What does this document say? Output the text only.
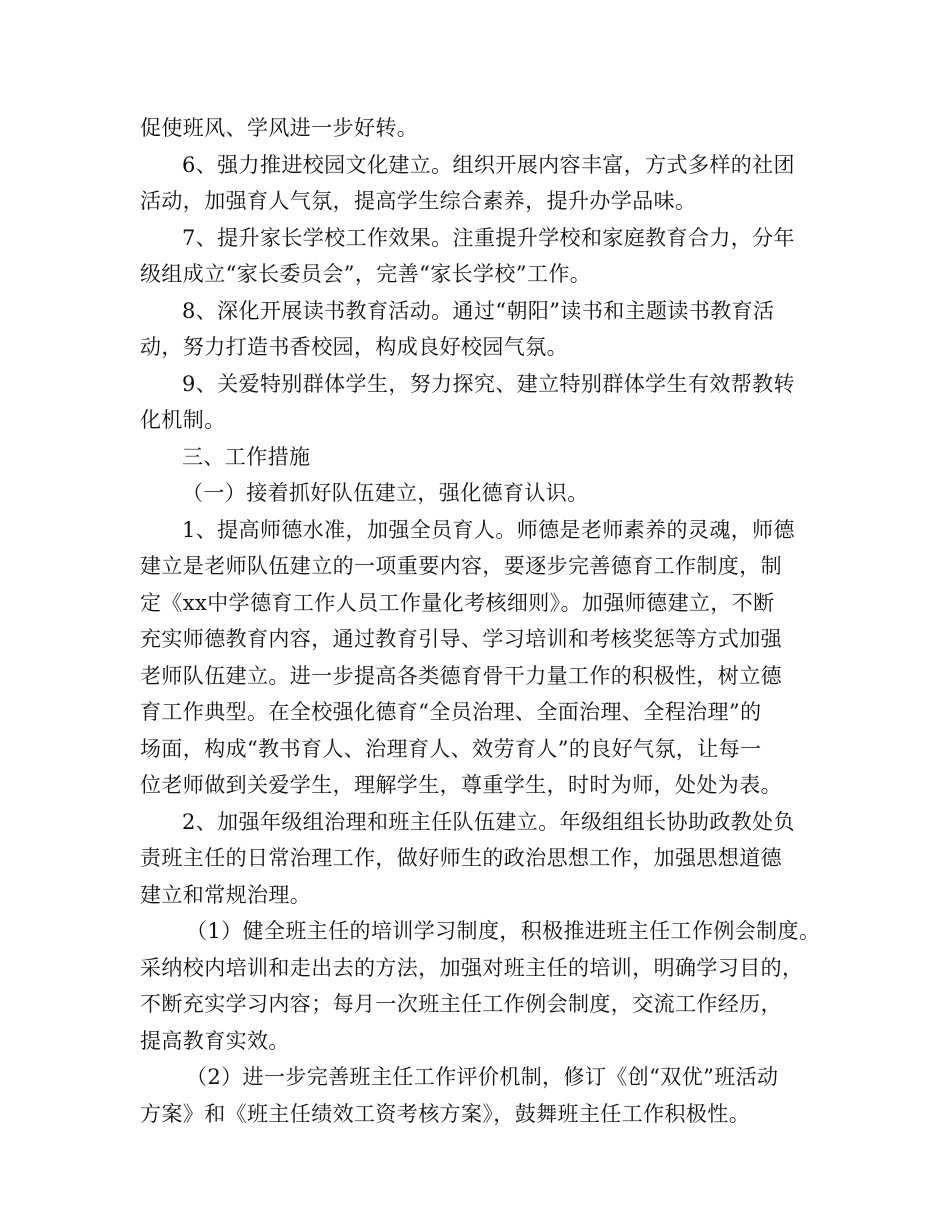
促使班风、学风进一步好转。
6、强力推进校园文化建立。组织开展内容丰富，方式多样的社团
活动，加强育人气氛，提高学生综合素养，提升办学品味。
7、提升家长学校工作效果。注重提升学校和家庭教育合力，分年
级组成立“家长委员会”，完善“家长学校”工作。
8、深化开展读书教育活动。通过“朝阳”读书和主题读书教育活
动，努力打造书香校园，构成良好校园气氛。
9、关爱特别群体学生，努力探究、建立特别群体学生有效帮教转
化机制。
三、工作措施
（一）接着抓好队伍建立，强化德育认识。
1、提高师德水准，加强全员育人。师德是老师素养的灵魂，师德
建立是老师队伍建立的一项重要内容，要逐步完善德育工作制度，制
定《xx中学德育工作人员工作量化考核细则》。加强师德建立，不断
充实师德教育内容，通过教育引导、学习培训和考核奖惩等方式加强
老师队伍建立。进一步提高各类德育骨干力量工作的积极性，树立德
育工作典型。在全校强化德育“全员治理、全面治理、全程治理”的
场面，构成“教书育人、治理育人、效劳育人”的良好气氛，让每一
位老师做到关爱学生，理解学生，尊重学生，时时为师，处处为表。
2、加强年级组治理和班主任队伍建立。年级组组长协助政教处负
责班主任的日常治理工作，做好师生的政治思想工作，加强思想道德
建立和常规治理。
（1）健全班主任的培训学习制度，积极推进班主任工作例会制度。
采纳校内培训和走出去的方法，加强对班主任的培训，明确学习目的，
不断充实学习内容；每月一次班主任工作例会制度，交流工作经历，
提高教育实效。
（2）进一步完善班主任工作评价机制，修订《创“双优”班活动
方案》和《班主任绩效工资考核方案》，鼓舞班主任工作积极性。
